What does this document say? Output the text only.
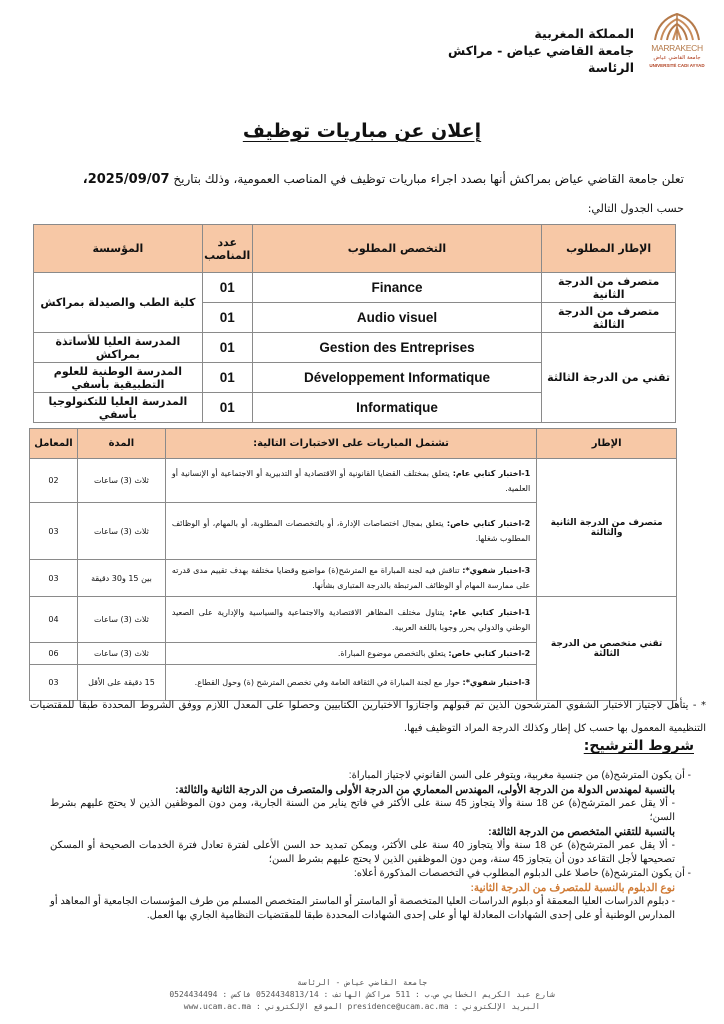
MARRAKECH
جامعة القاضي عياض
UNIVERSITÉ CADI AYYAD
المملكة المغربية
جامعة القاضي عياض - مراكش
الرئاسة
إعلان عن مباريات توظيف
تعلن جامعة القاضي عياض بمراكش أنها بصدد اجراء مباريات توظيف في المناصب العمومية، وذلك بتاريخ 2025/09/07،
حسب الجدول التالي:
الإطار المطلوب	التخصص المطلوب	عدد المناصب	المؤسسة
متصرف من الدرجة الثانية	Finance	01	كلية الطب والصيدلة بمراكش
متصرف من الدرجة الثالثة	Audio visuel	01	
تقني من الدرجة الثالثة	Gestion des Entreprises	01	المدرسة العليا للأساتذة بمراكش
	Développement Informatique	01	المدرسة الوطنية للعلوم التطبيقية بأسفي
	Informatique	01	المدرسة العليا للتكنولوجيا بأسفي
الإطار	تشتمل المباريات على الاختبارات التالية:	المدة	المعامل
متصرف من الدرجة الثانية والثالثة	1-اختبار كتابي عام: يتعلق بمختلف القضايا القانونية أو الاقتصادية أو التدبيرية أو الاجتماعية أو الإنسانية أو العلمية.	ثلاث (3) ساعات	02
	2-اختبار كتابي خاص: يتعلق بمجال اختصاصات الإدارة، أو بالتخصصات المطلوبة، أو بالمهام، أو الوظائف المطلوب شغلها.	ثلاث (3) ساعات	03
	3-اختبار شفوي*: تناقش فيه لجنة المباراة مع المترشح(ة) مواضيع وقضايا مختلفة بهدف تقييم مدى قدرته على ممارسة المهام أو الوظائف المرتبطة بالدرجة المتبارى بشأنها.	بين 15 و30 دقيقة	03
تقني متخصص من الدرجة الثالثة	1-اختبار كتابي عام: يتناول مختلف المظاهر الاقتصادية والاجتماعية والسياسية والإدارية على الصعيد الوطني والدولي يحرر وجوبا باللغة العربية.	ثلاث (3) ساعات	04
	2-اختبار كتابي خاص: يتعلق بالتخصص موضوع المباراة.	ثلاث (3) ساعات	06
	3-اختبار شفوي*: حوار مع لجنة المباراة في الثقافة العامة وفي تخصص المترشح (ة) وحول القطاع.	15 دقيقة على الأقل	03
* - يتأهل لاجتياز الاختبار الشفوي المترشحون الذين تم قبولهم واجتازوا الاختبارين الكتابيين وحصلوا على المعدل اللازم ووفق الشروط المحددة طبقا للمقتضيات التنظيمية المعمول بها حسب كل إطار وكذلك الدرجة المراد التوظيف فيها.
شروط الترشيح:

- أن يكون المترشح(ة) من جنسية مغربية، ويتوفر على السن القانوني لاجتياز المباراة:

بالنسبة لمهندس الدولة من الدرجة الأولى، المهندس المعماري من الدرجة الأولى والمتصرف من الدرجة الثانية والثالثة:

- ألا يقل عمر المترشح(ة) عن 18 سنة وألا يتجاوز 45 سنة على الأكثر في فاتح يناير من السنة الجارية، ومن دون الموظفين الذين لا يحتج عليهم بشرط السن؛

بالنسبة للتقني المتخصص من الدرجة الثالثة:

- ألا يقل عمر المترشح(ة) عن 18 سنة وألا يتجاوز 40 سنة على الأكثر، ويمكن تمديد حد السن الأعلى لفترة تعادل فترة الخدمات الصحيحة أو المسكن تصحيحها لأجل التقاعد دون أن يتجاوز 45 سنة، ومن دون الموظفين الذين لا يحتج عليهم بشرط السن؛

- أن يكون المترشح(ة) حاصلا على الدبلوم المطلوب في التخصصات المذكورة أعلاه:

نوع الدبلوم بالنسبة للمتصرف من الدرجة الثانية:

- دبلوم الدراسات العليا المعمقة أو دبلوم الدراسات العليا المتخصصة أو الماستر أو الماستر المتخصص المسلم من طرف المؤسسات الجامعية أو المعاهد أو المدارس الوطنية أو على إحدى الشهادات المعادلة لها أو على إحدى الشهادات المحددة طبقا للمقتضيات النظامية الجاري بها العمل.

جامعة القاضي عياض - الرئاسة
شارع عبد الكريم الخطابي ص.ب : 511 مراكش الهاتف : 0524434813/14 فاكس : 0524434494
البريد الإلكتروني : presidence@ucam.ac.ma الموقع الإلكتروني : www.ucam.ac.ma
